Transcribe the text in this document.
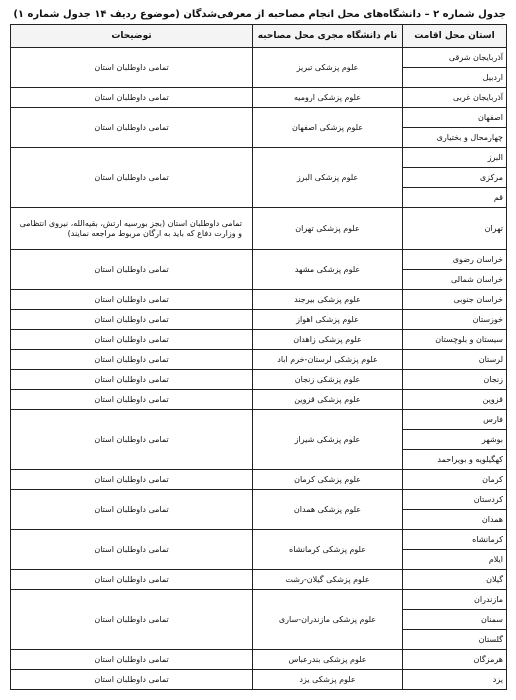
جدول شماره ۲ – دانشگاه‌های محل انجام مصاحبه از معرفی‌شدگان (موضوع ردیف ۱۴ جدول شماره ۱)
استان محل اقامت	نام دانشگاه مجری محل مصاحبه	توضیحات
آذربایجان شرقی	علوم پزشکی تبریز	تمامی داوطلبان استان
اردبیل		
آذربایجان غربی	علوم پزشکی ارومیه	تمامی داوطلبان استان
اصفهان	علوم پزشکی اصفهان	تمامی داوطلبان استان
چهارمحال و بختیاری		
البرز	علوم پزشکی البرز	تمامی داوطلبان استان
مرکزی		
قم		
تهران	علوم پزشکی تهران	تمامی داوطلبان استان (بجز بورسیه ارتش، بقیه‌الله، نیروی انتظامی و وزارت دفاع که باید به ارگان مربوط مراجعه نمایند)
خراسان رضوی	علوم پزشکی مشهد	تمامی داوطلبان استان
خراسان شمالی		
خراسان جنوبی	علوم پزشکی بیرجند	تمامی داوطلبان استان
خوزستان	علوم پزشکی اهواز	تمامی داوطلبان استان
سیستان و بلوچستان	علوم پزشکی زاهدان	تمامی داوطلبان استان
لرستان	علوم پزشکی لرستان-خرم اباد	تمامی داوطلبان استان
زنجان	علوم پزشکی زنجان	تمامی داوطلبان استان
قزوین	علوم پزشکی قزوین	تمامی داوطلبان استان
فارس	علوم پزشکی شیراز	تمامی داوطلبان استان
بوشهر		
کهگیلویه و بویراحمد		
کرمان	علوم پزشکی کرمان	تمامی داوطلبان استان
کردستان	علوم پزشکی همدان	تمامی داوطلبان استان
همدان		
کرمانشاه	علوم پزشکی کرمانشاه	تمامی داوطلبان استان
ایلام		
گیلان	علوم پزشکی گیلان-رشت	تمامی داوطلبان استان
مازندران	علوم پزشکی مازندران-ساری	تمامی داوطلبان استان
سمنان		
گلستان		
هرمزگان	علوم پزشکی بندرعباس	تمامی داوطلبان استان
یزد	علوم پزشکی یزد	تمامی داوطلبان استان
